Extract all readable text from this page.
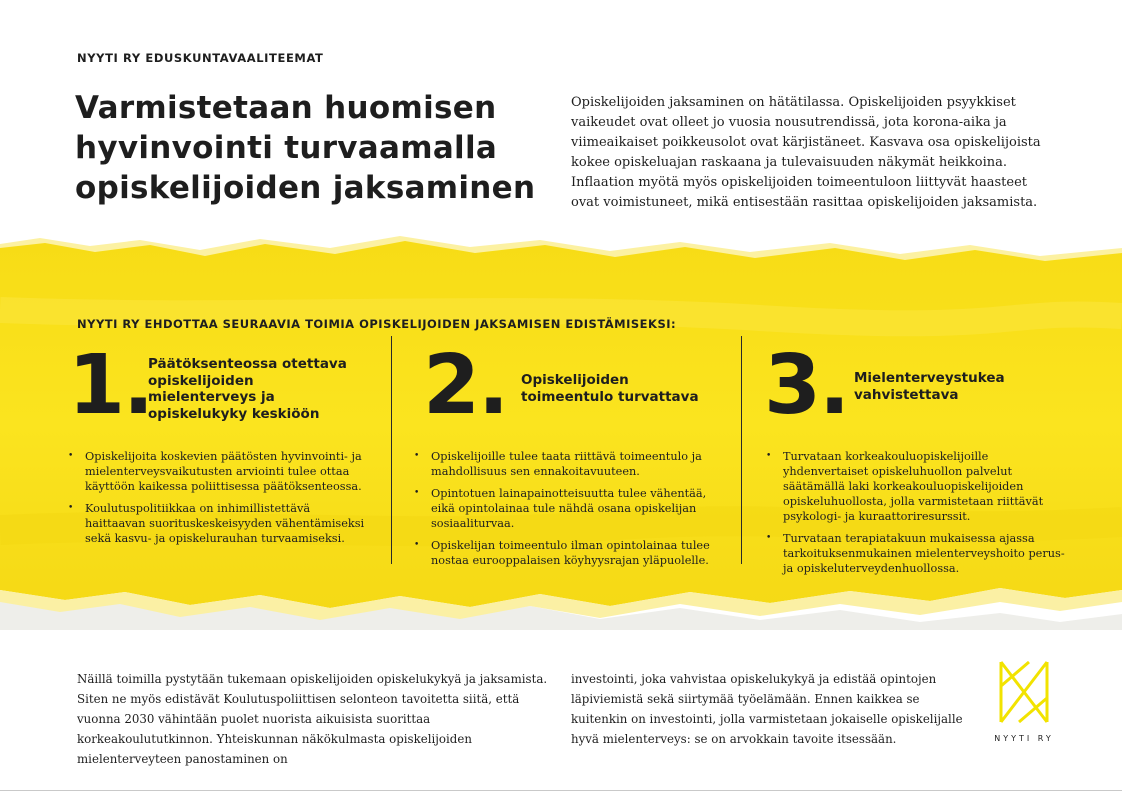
NYYTI RY EDUSKUNTAVAALITEEMAT
Varmistetaan huomisen hyvinvointi turvaamalla opiskelijoiden jaksaminen

Opiskelijoiden jaksaminen on hätätilassa. Opiskelijoiden psyykkiset vaikeudet ovat olleet jo vuosia nousutrendissä, jota korona-aika ja viimeaikaiset poikkeusolot ovat kärjistäneet. Kasvava osa opiskelijoista kokee opiskeluajan raskaana ja tulevaisuuden näkymät heikkoina. Inflaation myötä myös opiskelijoiden toimeentuloon liittyvät haasteet ovat voimistuneet, mikä entisestään rasittaa opiskelijoiden jaksamista.

NYYTI RY EHDOTTAA SEURAAVIA TOIMIA OPISKELIJOIDEN JAKSAMISEN EDISTÄMISEKSI:
1.
Päätöksenteossa otettava opiskelijoiden mielenterveys ja opiskelukyky keskiöön
• Opiskelijoita koskevien päätösten hyvinvointi- ja mielenterveysvaikutusten arviointi tulee ottaa käyttöön kaikessa poliittisessa päätöksenteossa.
• Koulutuspolitiikkaa on inhimillistettävä haittaavan suorituskeskeisyyden vähentämiseksi sekä kasvu- ja opiskelurauhan turvaamiseksi.
2. Opiskelijoiden toimeentulo turvattava
• Opiskelijoille tulee taata riittävä toimeentulo ja mahdollisuus sen ennakoitavuuteen.
• Opintotuen lainapainotteisuutta tulee vähentää, eikä opintolainaa tule nähdä osana opiskelijan sosiaaliturvaa.
• Opiskelijan toimeentulo ilman opintolainaa tulee nostaa eurooppalaisen köyhyysrajan yläpuolelle.
3. Mielenterveystukea vahvistettava
• Turvataan korkeakouluopiskelijoille yhdenvertaiset opiskeluhuollon palvelut säätämällä laki korkeakouluopiskelijoiden opiskeluhuollosta, jolla varmistetaan riittävät psykologi- ja kuraattoriresurssit.
• Turvataan terapiatakuun mukaisessa ajassa tarkoituksenmukainen mielenterveyshoito perus- ja opiskeluterveydenhuollossa.

Näillä toimilla pystytään tukemaan opiskelijoiden opiskelukykyä ja jaksamista. Siten ne myös edistävät Koulutuspoliittisen selonteon tavoitetta siitä, että vuonna 2030 vähintään puolet nuorista aikuisista suorittaa korkeakoulututkinnon. Yhteiskunnan näkökulmasta opiskelijoiden mielenterveyteen panostaminen on

investointi, joka vahvistaa opiskelukykyä ja edistää opintojen läpiviemistä sekä siirtymää työelämään. Ennen kaikkea se kuitenkin on investointi, jolla varmistetaan jokaiselle opiskelijalle hyvä mielenterveys: se on arvokkain tavoite itsessään.	NYYTI RY
